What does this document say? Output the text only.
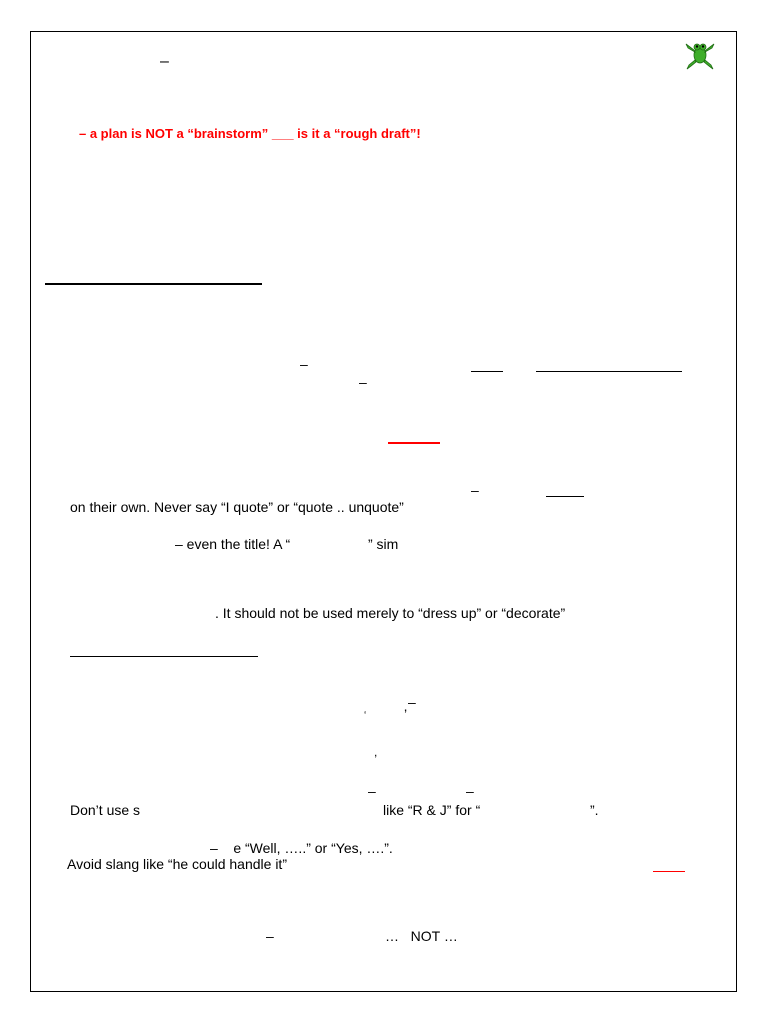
–
– a plan is NOT a “brainstorm” ___ is it a “rough draft”!
–
–
–
on their own. Never say “I quote” or “quote .. unquote”
– even the title! A “	” sim
. It should not be used merely to “dress up” or “decorate”
‘	’
–
,
–	–
Don’t use s	like “R & J” for “	”.
–    e “Well, …..” or “Yes, ….”.
Avoid slang like “he could handle it”
–	…   NOT …
